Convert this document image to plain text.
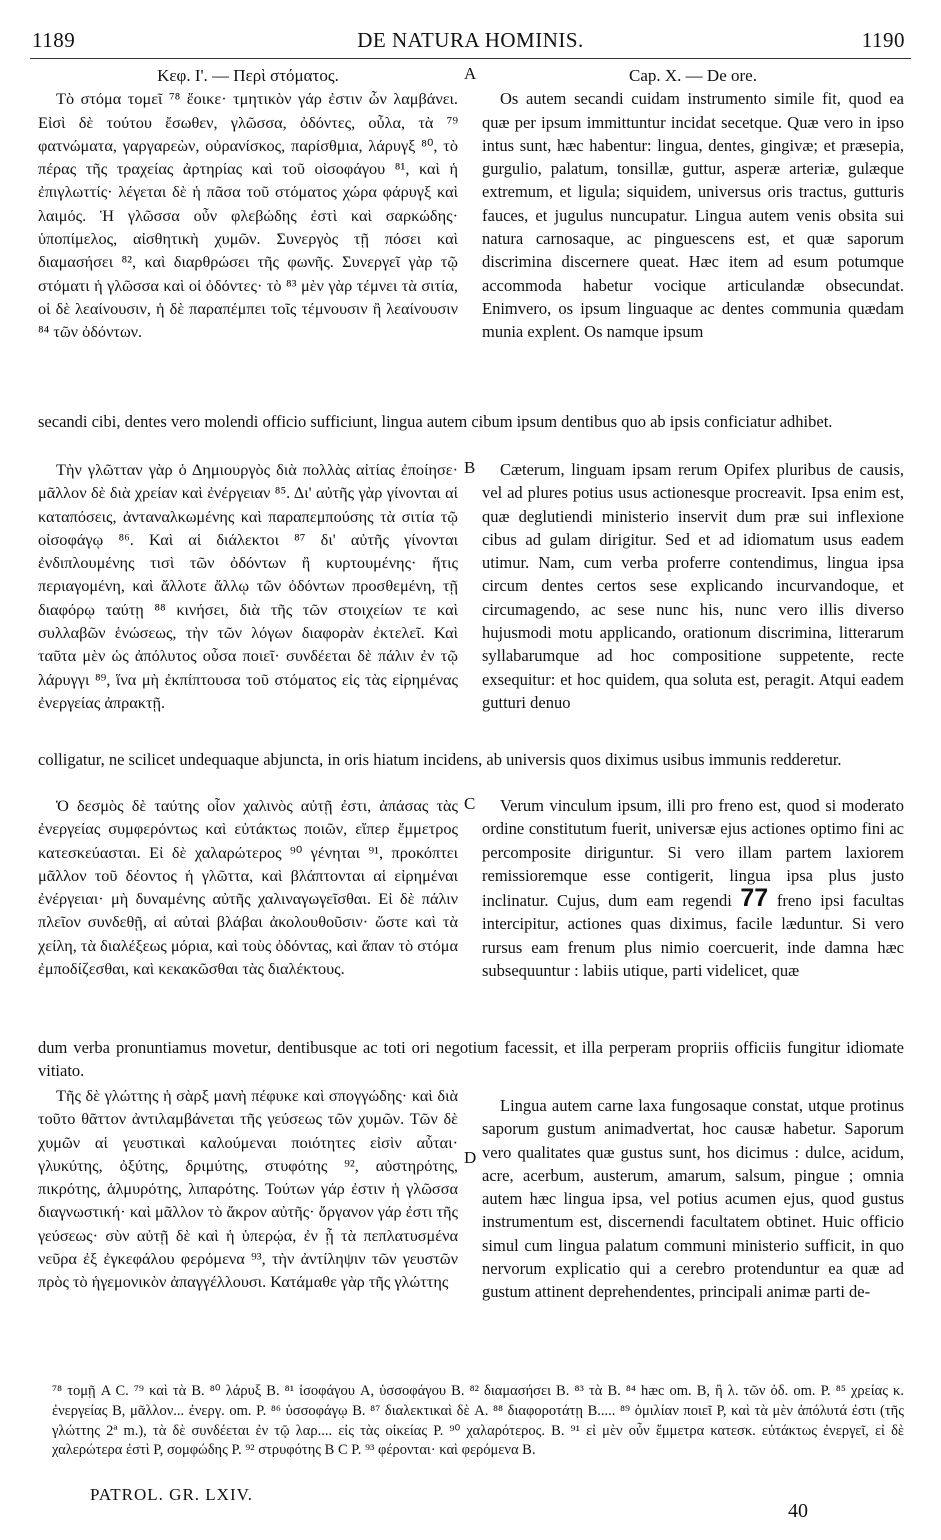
1189	DE NATURA HOMINIS.	1190
A
B
C
D

Κεφ. Ι'. — Περὶ στόματος.

Τὸ στόμα τομεῖ ⁷⁸ ἔοικε· τμητικὸν γάρ ἐστιν ὧν λαμβάνει. Εἰσὶ δὲ τούτου ἔσωθεν, γλῶσσα, ὀδόντες, οὖλα, τὰ ⁷⁹ φατνώματα, γαργαρεὼν, οὐρανίσκος, παρίσθμια, λάρυγξ ⁸⁰, τὸ πέρας τῆς τραχείας ἀρτηρίας καὶ τοῦ οἰσοφάγου ⁸¹, καὶ ἡ ἐπιγλωττίς· λέγεται δὲ ἡ πᾶσα τοῦ στόματος χώρα φάρυγξ καὶ λαιμός. Ἡ γλῶσσα οὖν φλεβώδης ἐστὶ καὶ σαρκώδης· ὑποπίμελος, αἰσθητικὴ χυμῶν. Συνεργὸς τῇ πόσει καὶ διαμασήσει ⁸², καὶ διαρθρώσει τῆς φωνῆς. Συνεργεῖ γὰρ τῷ στόματι ἡ γλῶσσα καὶ οἱ ὀδόντες· τὸ ⁸³ μὲν γὰρ τέμνει τὰ σιτία, οἱ δὲ λεαίνουσιν, ἡ δὲ παραπέμπει τοῖς τέμνουσιν ἢ λεαίνουσιν ⁸⁴ τῶν ὀδόντων.

Cap. X. — De ore.

Os autem secandi cuidam instrumento simile fit, quod ea quæ per ipsum immittuntur incidat secetque. Quæ vero in ipso intus sunt, hæc habentur: lingua, dentes, gingivæ; et præsepia, gurgulio, palatum, tonsillæ, guttur, asperæ arteriæ, gulæque extremum, et ligula; siquidem, universus oris tractus, gutturis fauces, et jugulus nuncupatur. Lingua autem venis obsita sui natura carnosaque, ac pinguescens est, et quæ saporum discrimina discernere queat. Hæc item ad esum potumque accommoda habetur vocique articulandæ obsecundat. Enimvero, os ipsum linguaque ac dentes communia quædam munia explent. Os namque ipsum

secandi cibi, dentes vero molendi officio sufficiunt, lingua autem cibum ipsum dentibus quo ab ipsis conficiatur adhibet.

Τὴν γλῶτταν γὰρ ὁ Δημιουργὸς διὰ πολλὰς αἰτίας ἐποίησε· μᾶλλον δὲ διὰ χρείαν καὶ ἐνέργειαν ⁸⁵. Δι' αὐτῆς γὰρ γίνονται αἱ καταπόσεις, ἀνταναλκωμένης καὶ παραπεμπούσης τὰ σιτία τῷ οἰσοφάγῳ ⁸⁶. Καὶ αἱ διάλεκτοι ⁸⁷ δι' αὐτῆς γίνονται ἐνδιπλουμένης τισὶ τῶν ὀδόντων ἢ κυρτουμένης· ἥτις περιαγομένη, καὶ ἄλλοτε ἄλλῳ τῶν ὀδόντων προσθεμένη, τῇ διαφόρῳ ταύτῃ ⁸⁸ κινήσει, διὰ τῆς τῶν στοιχείων τε καὶ συλλαβῶν ἑνώσεως, τὴν τῶν λόγων διαφορὰν ἐκτελεῖ. Καὶ ταῦτα μὲν ὡς ἀπόλυτος οὖσα ποιεῖ· συνδέεται δὲ πάλιν ἐν τῷ λάρυγγι ⁸⁹, ἵνα μὴ ἐκπίπτουσα τοῦ στόματος εἰς τὰς εἰρημένας ἐνεργείας ἀπρακτῇ.

Cæterum, linguam ipsam rerum Opifex pluribus de causis, vel ad plures potius usus actionesque procreavit. Ipsa enim est, quæ deglutiendi ministerio inservit dum præ sui inflexione cibus ad gulam dirigitur. Sed et ad idiomatum usus eadem utimur. Nam, cum verba proferre contendimus, lingua ipsa circum dentes certos sese explicando incurvandoque, et circumagendo, ac sese nunc his, nunc vero illis diverso hujusmodi motu applicando, orationum discrimina, litterarum syllabarumque ad hoc compositione suppetente, recte exsequitur: et hoc quidem, qua soluta est, peragit. Atqui eadem gutturi denuo

colligatur, ne scilicet undequaque abjuncta, in oris hiatum incidens, ab universis quos diximus usibus immunis redderetur.

Ὁ δεσμὸς δὲ ταύτης οἷον χαλινὸς αὐτῇ ἐστι, ἀπάσας τὰς ἐνεργείας συμφερόντως καὶ εὐτάκτως ποιῶν, εἴπερ ἔμμετρος κατεσκεύασται. Εἰ δὲ χαλαρώτερος ⁹⁰ γένηται ⁹¹, προκόπτει μᾶλλον τοῦ δέοντος ἡ γλῶττα, καὶ βλάπτονται αἱ εἰρημέναι ἐνέργειαι· μὴ δυναμένης αὐτῆς χαλιναγωγεῖσθαι. Εἰ δὲ πάλιν πλεῖον συνδεθῇ, αἱ αὐταὶ βλάβαι ἀκολουθοῦσιν· ὥστε καὶ τὰ χείλη, τὰ διαλέξεως μόρια, καὶ τοὺς ὀδόντας, καὶ ἅπαν τὸ στόμα ἐμποδίζεσθαι, καὶ κεκακῶσθαι τὰς διαλέκτους.

Verum vinculum ipsum, illi pro freno est, quod si moderato ordine constitutum fuerit, universæ ejus actiones optimo fini ac percomposite diriguntur. Si vero illam partem laxiorem remissioremque esse contigerit, lingua ipsa plus justo inclinatur. Cujus, dum eam regendi 77 freno ipsi facultas intercipitur, actiones quas diximus, facile læduntur. Si vero rursus eam frenum plus nimio coercuerit, inde damna hæc subsequuntur : labiis utique, parti videlicet, quæ

dum verba pronuntiamus movetur, dentibusque ac toti ori negotium facessit, et illa perperam propriis officiis fungitur idiomate vitiato.

Τῆς δὲ γλώττης ἡ σὰρξ μανὴ πέφυκε καὶ σπογγώδης· καὶ διὰ τοῦτο θᾶττον ἀντιλαμβάνεται τῆς γεύσεως τῶν χυμῶν. Τῶν δὲ χυμῶν αἱ γευστικαὶ καλούμεναι ποιότητες εἰσὶν αὗται· γλυκύτης, ὀξύτης, δριμύτης, στυφότης ⁹², αὐστηρότης, πικρότης, ἁλμυρότης, λιπαρότης. Τούτων γάρ ἐστιν ἡ γλῶσσα διαγνωστική· καὶ μᾶλλον τὸ ἄκρον αὐτῆς· ὄργανον γάρ ἐστι τῆς γεύσεως· σὺν αὐτῇ δὲ καὶ ἡ ὑπερῴα, ἐν ᾗ τὰ πεπλατυσμένα νεῦρα ἐξ ἐγκεφάλου φερόμενα ⁹³, τὴν ἀντίληψιν τῶν γευστῶν πρὸς τὸ ἡγεμονικὸν ἀπαγγέλλουσι. Κατάμαθε γὰρ τῆς γλώττης

Lingua autem carne laxa fungosaque constat, utque protinus saporum gustum animadvertat, hoc causæ habetur. Saporum vero qualitates quæ gustus sunt, hos dicimus : dulce, acidum, acre, acerbum, austerum, amarum, salsum, pingue ; omnia autem hæc lingua ipsa, vel potius acumen ejus, quod gustus instrumentum est, discernendi facultatem obtinet. Huic officio simul cum lingua palatum communi ministerio sufficit, in quo nervorum explicatio qui a cerebro protenduntur ea quæ ad gustum attinent deprehendentes, principali animæ parti de-

⁷⁸ τομῇ A C. ⁷⁹ καὶ τὰ B. ⁸⁰ λάρυξ B. ⁸¹ ἰσοφάγου A, ὑσσοφάγου B. ⁸² διαμασήσει B. ⁸³ τὰ B. ⁸⁴ hæc om. B, ἢ λ. τῶν ὀδ. om. P. ⁸⁵ χρείας κ. ἐνεργείας B, μᾶλλον... ἐνεργ. om. P. ⁸⁶ ὑσσοφάγῳ B. ⁸⁷ διαλεκτικαὶ δὲ A. ⁸⁸ διαφοροτάτῃ B..... ⁸⁹ ὁμιλίαν ποιεῖ P, καὶ τὰ μὲν ἀπόλυτά ἐστι (τῆς γλώττης 2ª m.), τὰ δὲ συνδέεται ἐν τῷ λαρ.... εἰς τὰς οἰκείας P. ⁹⁰ χαλαρότερος. B. ⁹¹ εἰ μὲν οὖν ἔμμετρα κατεσκ. εὐτάκτως ἐνεργεῖ, εἰ δὲ χαλερώτερα ἐστὶ P, σομφώδης P. ⁹² στρυφότης B C P. ⁹³ φέρονται· καὶ φερόμενα B.
PATROL. GR. LXIV.
40
